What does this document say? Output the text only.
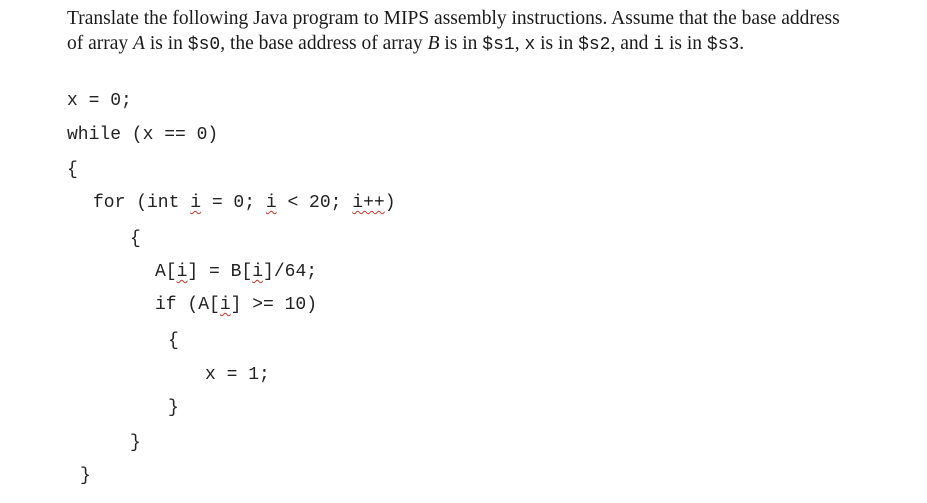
Translate the following Java program to MIPS assembly instructions. Assume that the base address
of array A is in $s0, the base address of array B is in $s1, x is in $s2, and i is in $s3.
x = 0;
while (x == 0)
{
for (int i = 0; i < 20; i++)
{
A[i] = B[i]/64;
if (A[i] >= 10)
{
x = 1;
}
}
}
